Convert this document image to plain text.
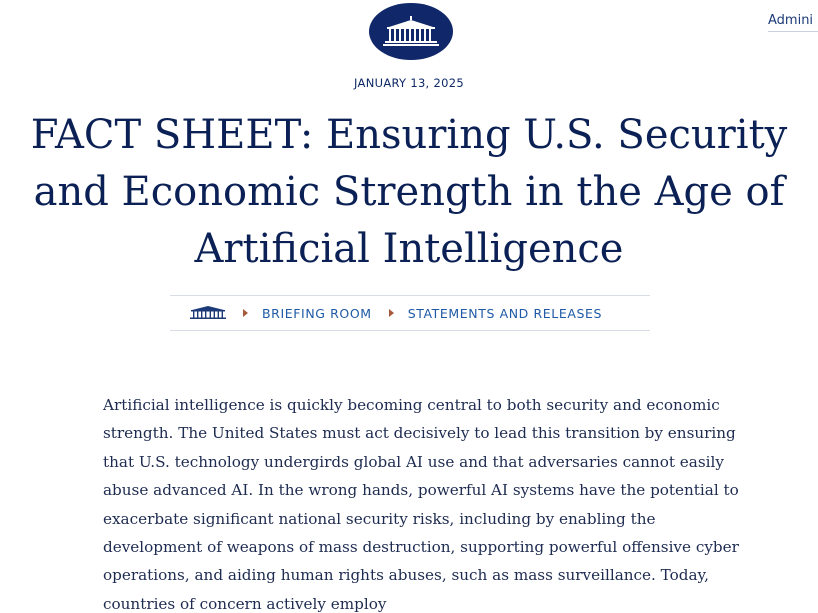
Admini
JANUARY 13, 2025
FACT SHEET: Ensuring U.S. Security and Economic Strength in the Age of Artificial Intelligence
BRIEFING ROOM	STATEMENTS AND RELEASES

Artificial intelligence is quickly becoming central to both security and economic strength. The United States must act decisively to lead this transition by ensuring that U.S. technology undergirds global AI use and that adversaries cannot easily abuse advanced AI. In the wrong hands, powerful AI systems have the potential to exacerbate significant national security risks, including by enabling the development of weapons of mass destruction, supporting powerful offensive cyber operations, and aiding human rights abuses, such as mass surveillance. Today, countries of concern actively employ
